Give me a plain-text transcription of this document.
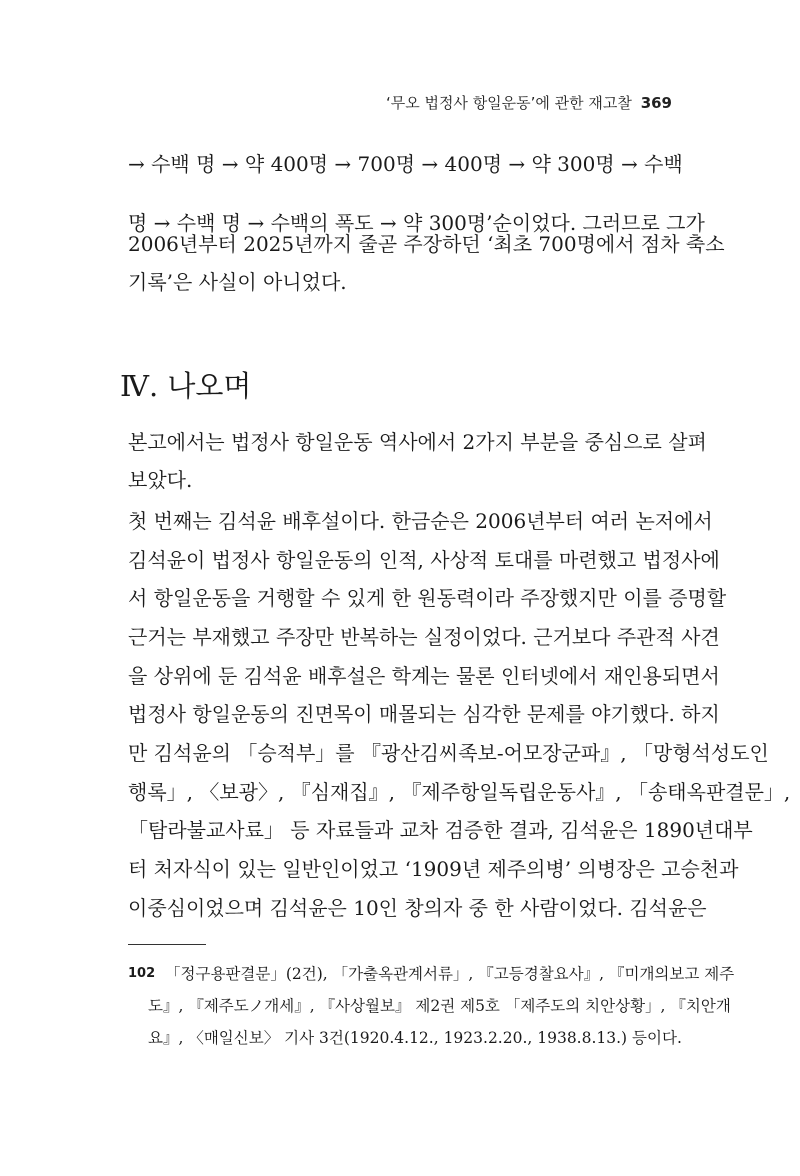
‘무오 법정사 항일운동’에 관한 재고찰 369
→ 수백 명 → 약 400명 → 700명 → 400명 → 약 300명 → 수백
명 → 수백 명 → 수백의 폭도 → 약 300명’순이었다. 그러므로 그가
2006년부터 2025년까지 줄곧 주장하던 ‘최초 700명에서 점차 축소
기록’은 사실이 아니었다.
Ⅳ. 나오며
본고에서는 법정사 항일운동 역사에서 2가지 부분을 중심으로 살펴
보았다.
첫 번째는 김석윤 배후설이다. 한금순은 2006년부터 여러 논저에서
김석윤이 법정사 항일운동의 인적, 사상적 토대를 마련했고 법정사에
서 항일운동을 거행할 수 있게 한 원동력이라 주장했지만 이를 증명할
근거는 부재했고 주장만 반복하는 실정이었다. 근거보다 주관적 사견
을 상위에 둔 김석윤 배후설은 학계는 물론 인터넷에서 재인용되면서
법정사 항일운동의 진면목이 매몰되는 심각한 문제를 야기했다. 하지
만 김석윤의 「승적부」를 『광산김씨족보-어모장군파』, 「망형석성도인
행록」, 〈보광〉, 『심재집』, 『제주항일독립운동사』, 「송태옥판결문」,
「탐라불교사료」 등 자료들과 교차 검증한 결과, 김석윤은 1890년대부
터 처자식이 있는 일반인이었고 ‘1909년 제주의병’ 의병장은 고승천과
이중심이었으며 김석윤은 10인 창의자 중 한 사람이었다. 김석윤은
102 「정구용판결문」(2건), 「가출옥관계서류」, 『고등경찰요사』, 『미개의보고 제주
도』, 『제주도ノ개세』, 『사상월보』 제2권 제5호 「제주도의 치안상황」, 『치안개
요』, 〈매일신보〉 기사 3건(1920.4.12., 1923.2.20., 1938.8.13.) 등이다.
